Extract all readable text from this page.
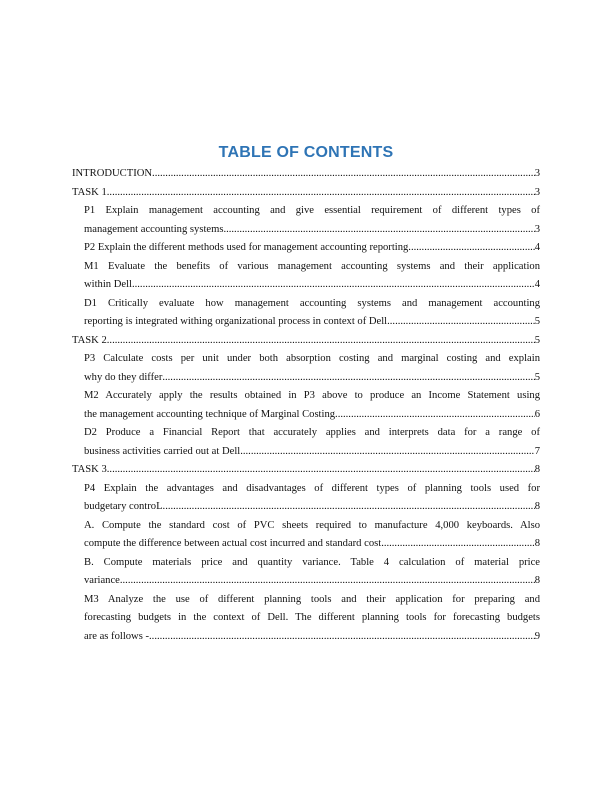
TABLE OF CONTENTS
INTRODUCTION .....	3
TASK 1 .....	3
P1 Explain management accounting and give essential requirement of different types of
management accounting systems .....	3
P2 Explain the different methods used for management accounting reporting .....	4
M1 Evaluate the benefits of various management accounting systems and their application
within Dell .....	4
D1 Critically evaluate how management accounting systems and management accounting
reporting is integrated withing organizational process in context of Dell .....	5
TASK 2 .....	5
P3 Calculate costs per unit under both absorption costing and marginal costing and explain
why do they differ .....	5
M2 Accurately apply the results obtained in P3 above to produce an Income Statement using
the management accounting technique of Marginal Costing .....	6
D2 Produce a Financial Report that accurately applies and interprets data for a range of
business activities carried out at Dell .....	7
TASK 3 .....	8
P4 Explain the advantages and disadvantages of different types of planning tools used for
budgetary controL .....	8
A. Compute the standard cost of PVC sheets required to manufacture 4,000 keyboards. Also
compute the difference between actual cost incurred and standard cost .....	8
B. Compute materials price and quantity variance. Table 4 calculation of material price
variance .....	8
M3 Analyze the use of different planning tools and their application for preparing and
forecasting budgets in the context of Dell. The different planning tools for forecasting budgets
are as follows - .....	9
